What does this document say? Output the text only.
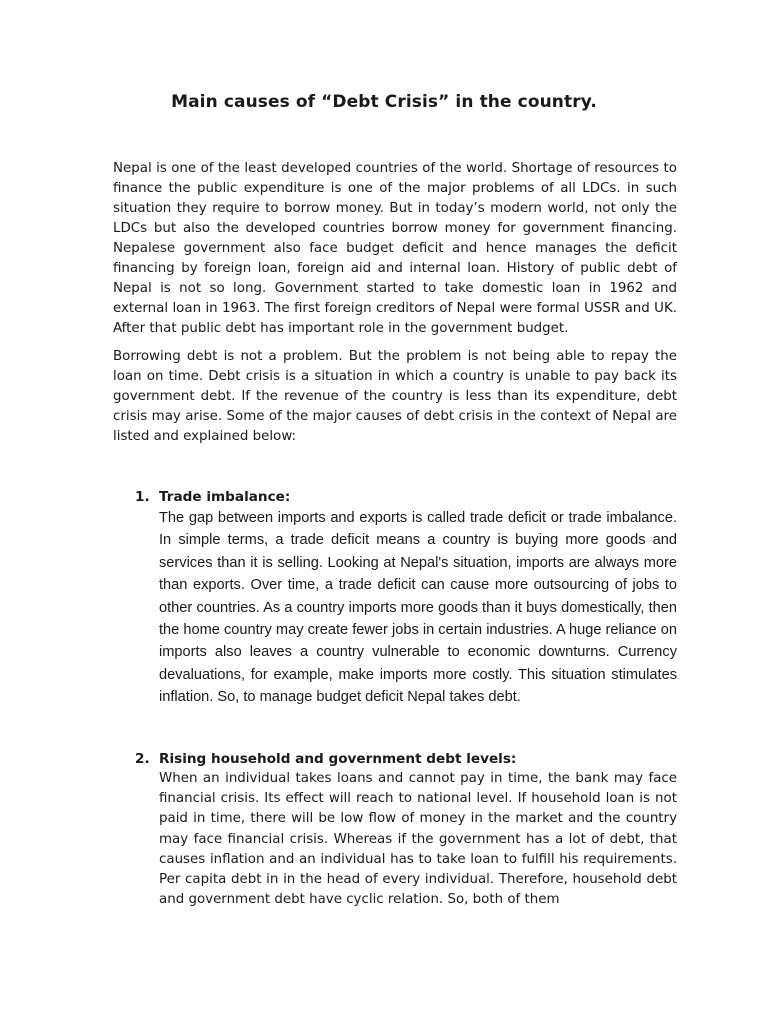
Main causes of “Debt Crisis” in the country.

Nepal is one of the least developed countries of the world. Shortage of resources to finance the public expenditure is one of the major problems of all LDCs. in such situation they require to borrow money. But in today’s modern world, not only the LDCs but also the developed countries borrow money for government financing. Nepalese government also face budget deficit and hence manages the deficit financing by foreign loan, foreign aid and internal loan. History of public debt of Nepal is not so long. Government started to take domestic loan in 1962 and external loan in 1963. The first foreign creditors of Nepal were formal USSR and UK. After that public debt has important role in the government budget.

Borrowing debt is not a problem. But the problem is not being able to repay the loan on time. Debt crisis is a situation in which a country is unable to pay back its government debt. If the revenue of the country is less than its expenditure, debt crisis may arise. Some of the major causes of debt crisis in the context of Nepal are listed and explained below:

1. Trade imbalance:

The gap between imports and exports is called trade deficit or trade imbalance. In simple terms, a trade deficit means a country is buying more goods and services than it is selling. Looking at Nepal's situation, imports are always more than exports. Over time, a trade deficit can cause more outsourcing of jobs to other countries. As a country imports more goods than it buys domestically, then the home country may create fewer jobs in certain industries. A huge reliance on imports also leaves a country vulnerable to economic downturns. Currency devaluations, for example, make imports more costly. This situation stimulates inflation. So, to manage budget deficit Nepal takes debt.

2. Rising household and government debt levels:

When an individual takes loans and cannot pay in time, the bank may face financial crisis. Its effect will reach to national level. If household loan is not paid in time, there will be low flow of money in the market and the country may face financial crisis. Whereas if the government has a lot of debt, that causes inflation and an individual has to take loan to fulfill his requirements. Per capita debt in in the head of every individual. Therefore, household debt and government debt have cyclic relation. So, both of them
